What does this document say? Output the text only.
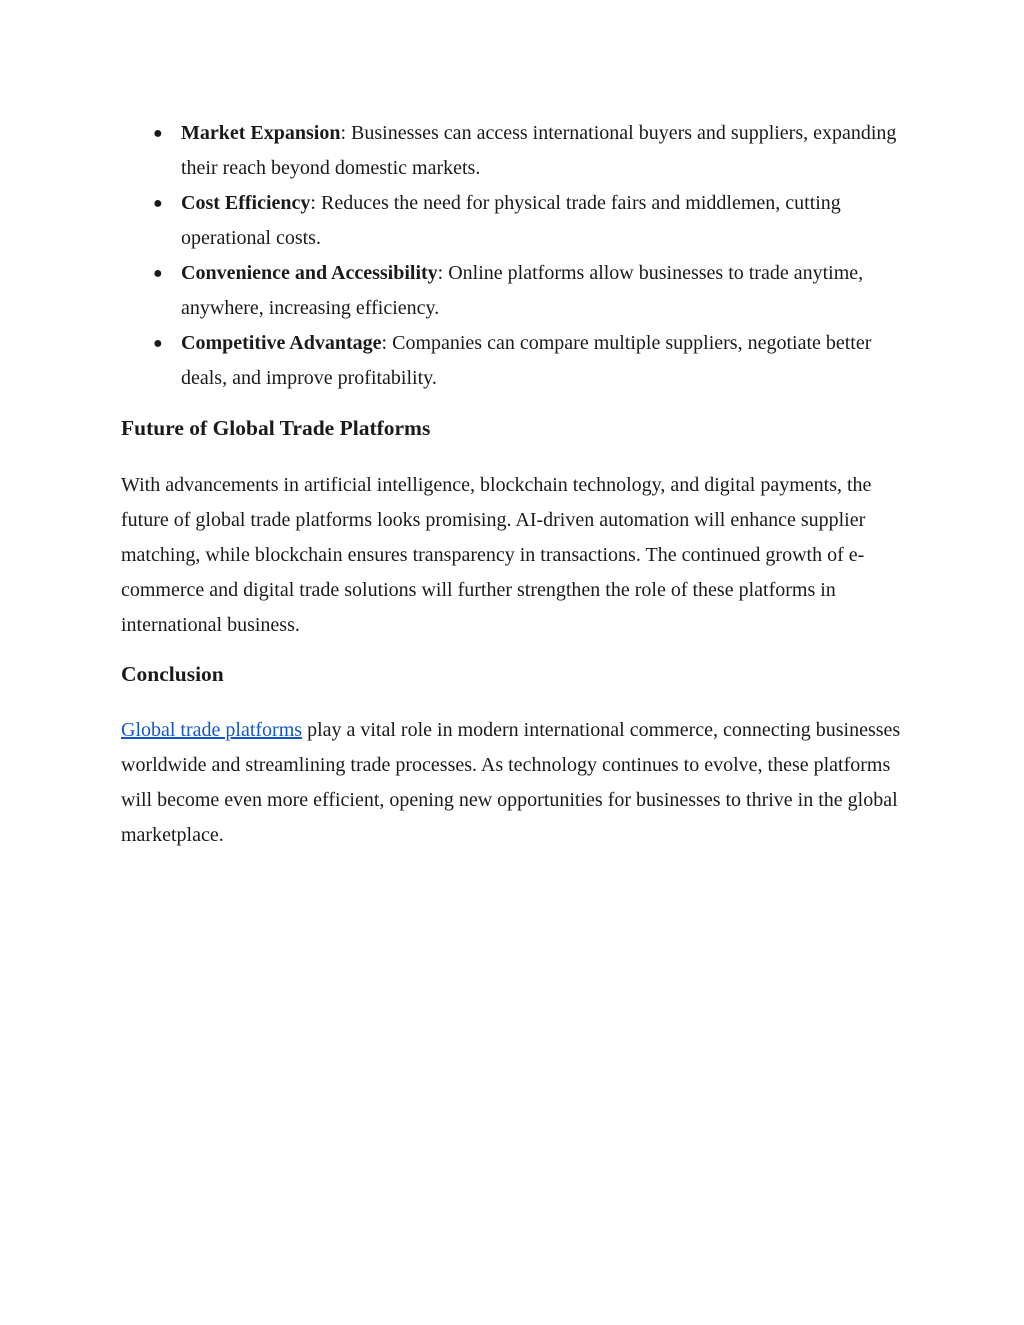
● Market Expansion: Businesses can access international buyers and suppliers, expanding their reach beyond domestic markets.
● Cost Efficiency: Reduces the need for physical trade fairs and middlemen, cutting operational costs.
● Convenience and Accessibility: Online platforms allow businesses to trade anytime, anywhere, increasing efficiency.
● Competitive Advantage: Companies can compare multiple suppliers, negotiate better deals, and improve profitability.
Future of Global Trade Platforms

With advancements in artificial intelligence, blockchain technology, and digital payments, the future of global trade platforms looks promising. AI-driven automation will enhance supplier matching, while blockchain ensures transparency in transactions. The continued growth of e-commerce and digital trade solutions will further strengthen the role of these platforms in international business.

Conclusion

Global trade platforms play a vital role in modern international commerce, connecting businesses worldwide and streamlining trade processes. As technology continues to evolve, these platforms will become even more efficient, opening new opportunities for businesses to thrive in the global marketplace.
